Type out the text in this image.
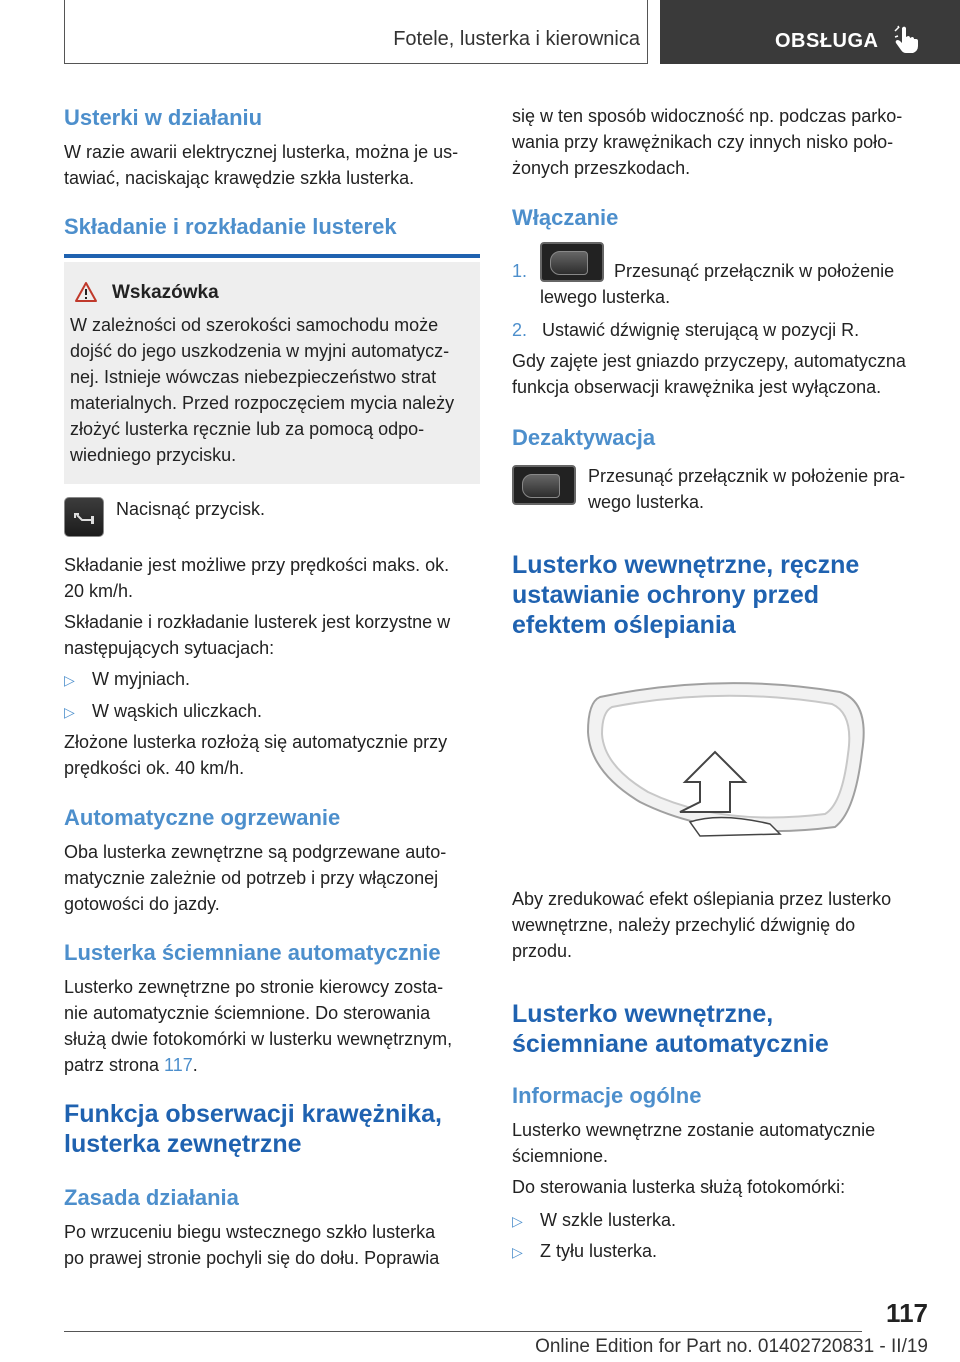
Fotele, lusterka i kierownica	OBSŁUGA
Usterki w działaniu
W razie awarii elektrycznej lusterka, można je us-
tawiać, naciskając krawędzie szkła lusterka.
Składanie i rozkładanie lusterek
Wskazówka
W zależności od szerokości samochodu może
dojść do jego uszkodzenia w myjni automatycz-
nej. Istnieje wówczas niebezpieczeństwo strat
materialnych. Przed rozpoczęciem mycia należy
złożyć lusterka ręcznie lub za pomocą odpo-
wiedniego przycisku.
Nacisnąć przycisk.
Składanie jest możliwe przy prędkości maks. ok.
20 km/h.
Składanie i rozkładanie lusterek jest korzystne w
następujących sytuacjach:
▷ W myjniach.
▷ W wąskich uliczkach.
Złożone lusterka rozłożą się automatycznie przy
prędkości ok. 40 km/h.
Automatyczne ogrzewanie
Oba lusterka zewnętrzne są podgrzewane auto-
matycznie zależnie od potrzeb i przy włączonej
gotowości do jazdy.
Lusterka ściemniane automatycznie
Lusterko zewnętrzne po stronie kierowcy zosta-
nie automatycznie ściemnione. Do sterowania
służą dwie fotokomórki w lusterku wewnętrznym,
patrz strona 117.
Funkcja obserwacji krawężnika,
lusterka zewnętrzne
Zasada działania
Po wrzuceniu biegu wstecznego szkło lusterka
po prawej stronie pochyli się do dołu. Poprawia
się w ten sposób widoczność np. podczas parko-
wania przy krawężnikach czy innych nisko poło-
żonych przeszkodach.
Włączanie
1.	Przesunąć przełącznik w położenie
lewego lusterka.
2. Ustawić dźwignię sterującą w pozycji R.
Gdy zajęte jest gniazdo przyczepy, automatyczna
funkcja obserwacji krawężnika jest wyłączona.
Dezaktywacja
Przesunąć przełącznik w położenie pra-
wego lusterka.
Lusterko wewnętrzne, ręczne
ustawianie ochrony przed
efektem oślepiania
Aby zredukować efekt oślepiania przez lusterko
wewnętrzne, należy przechylić dźwignię do
przodu.
Lusterko wewnętrzne,
ściemniane automatycznie
Informacje ogólne
Lusterko wewnętrzne zostanie automatycznie
ściemnione.
Do sterowania lusterka służą fotokomórki:
▷ W szkle lusterka.
▷ Z tyłu lusterka.
117
Online Edition for Part no. 01402720831 - II/19
